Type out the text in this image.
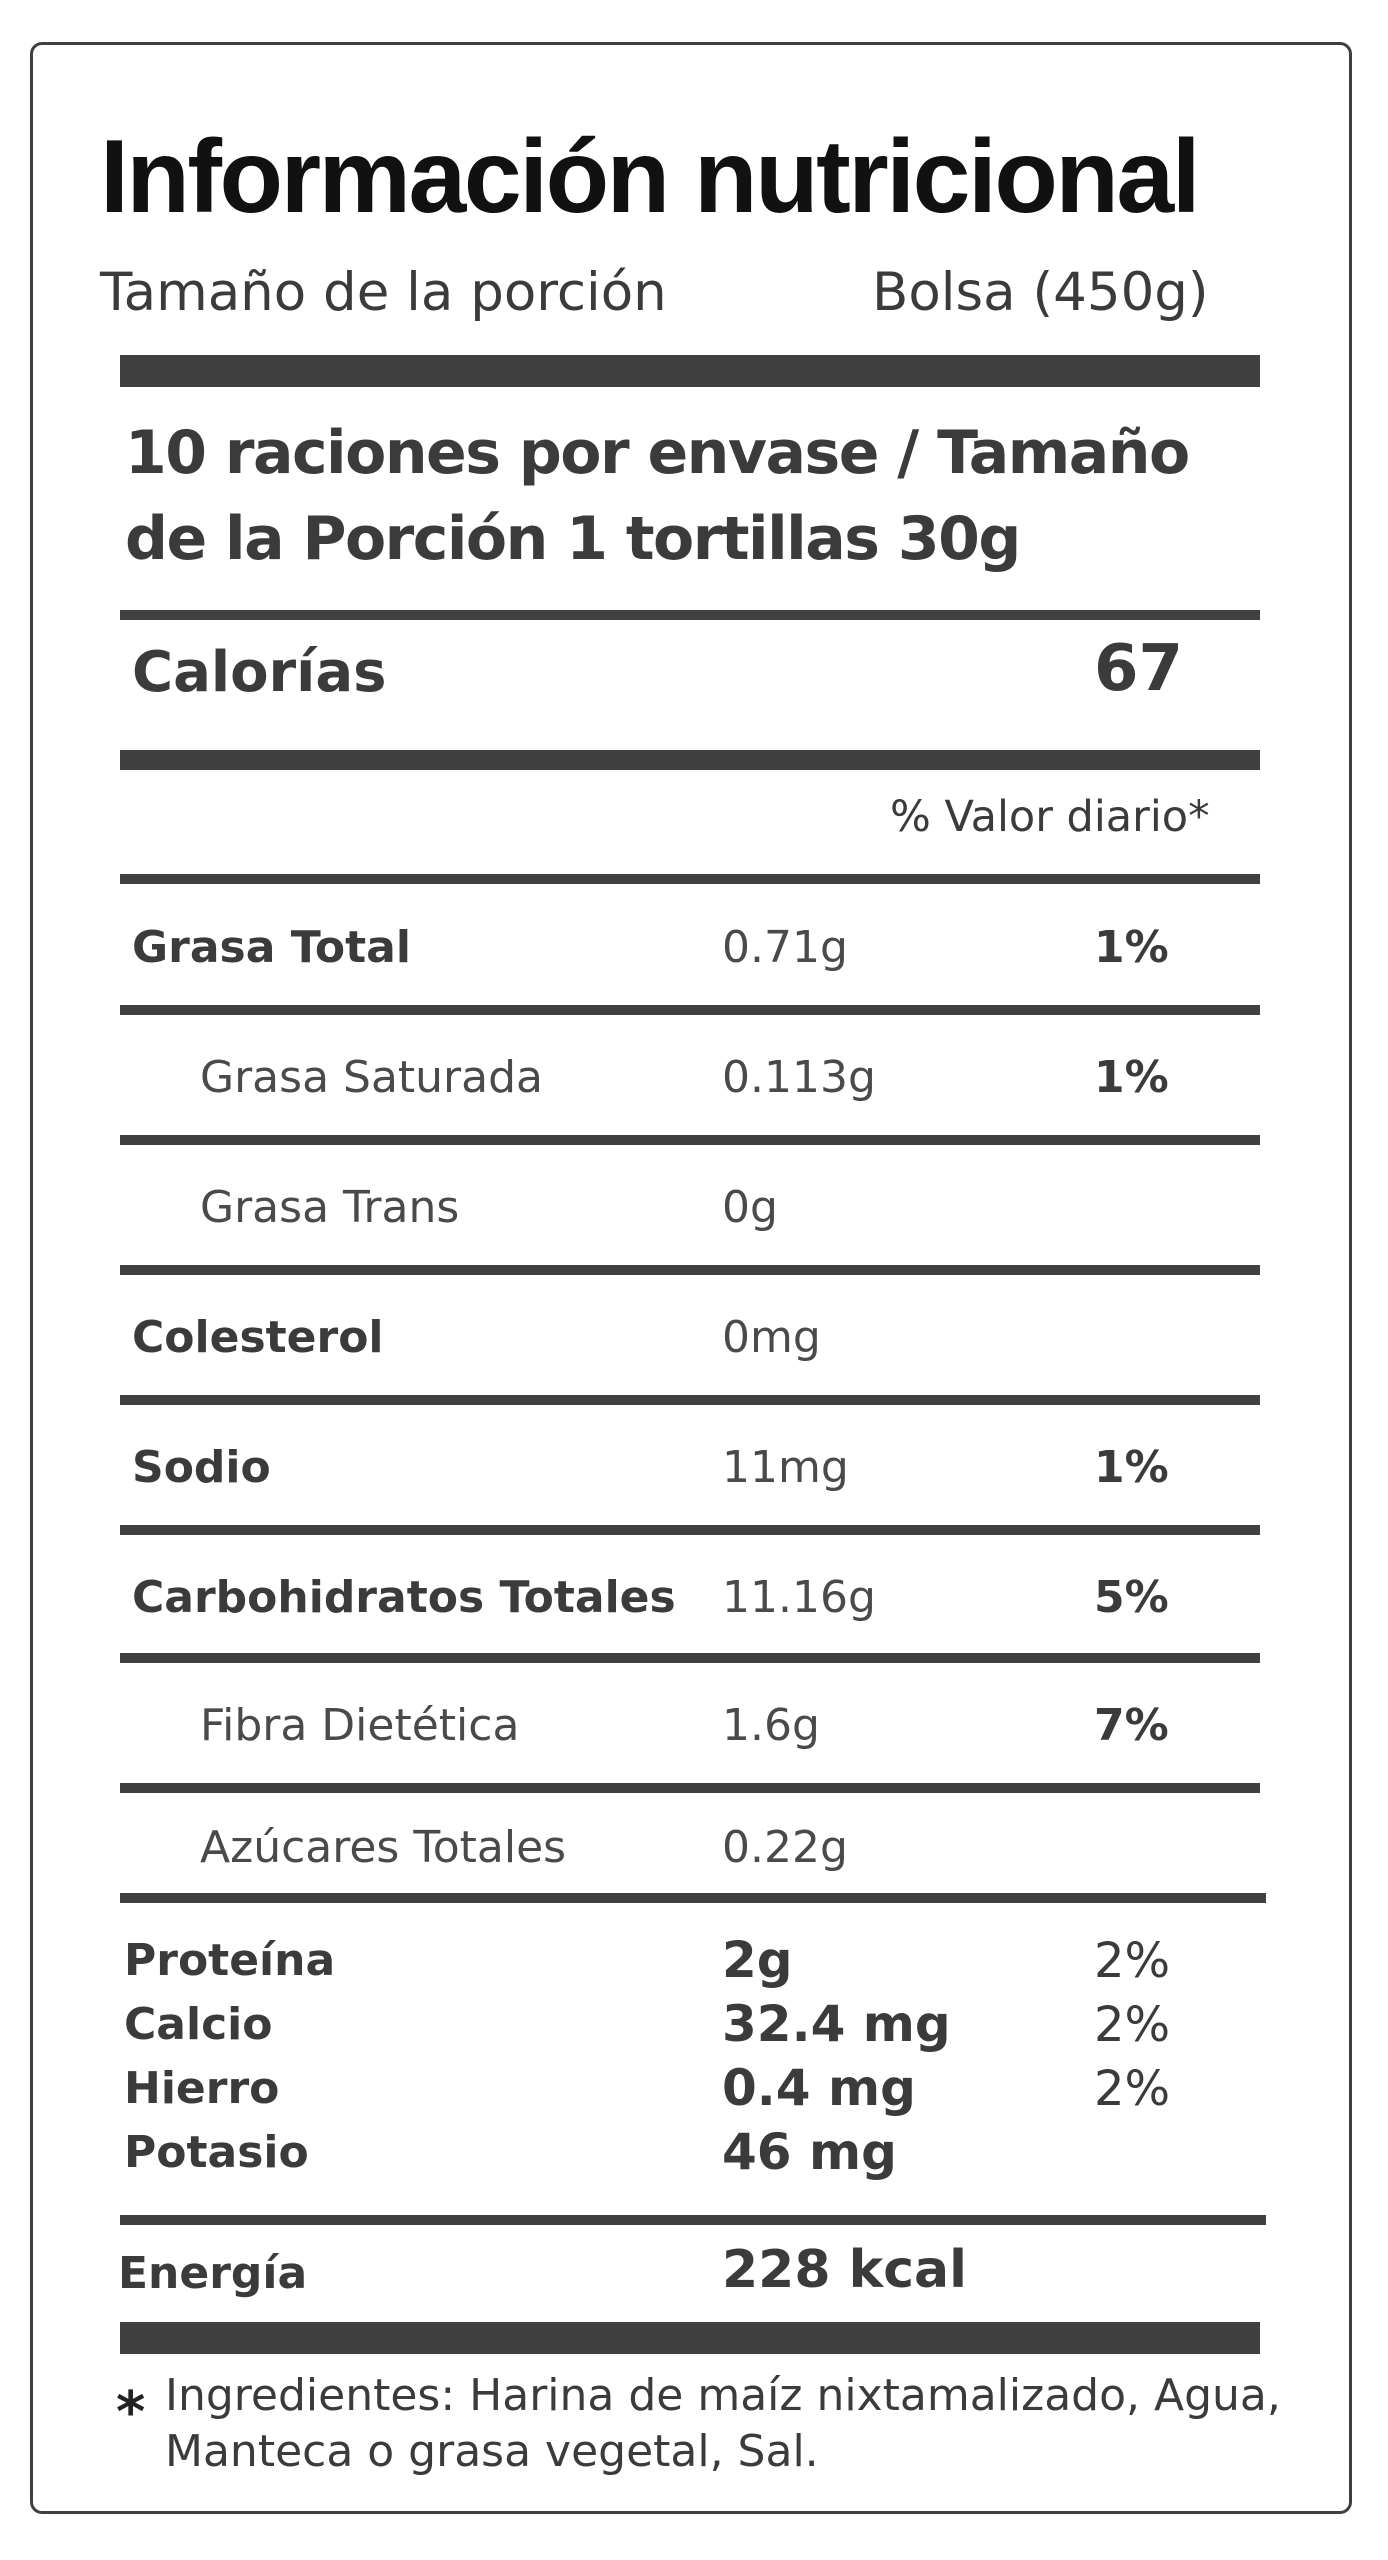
Información nutricional
Tamaño de la porción	Bolsa (450g)
10 raciones por envase / Tamaño de la Porción 1 tortillas 30g
Calorías	67
% Valor diario*
Grasa Total	0.71g	1%
Grasa Saturada	0.113g	1%
Grasa Trans	0g
Colesterol	0mg
Sodio	11mg	1%
Carbohidratos Totales 11.16g	5%
Fibra Dietética	1.6g	7%
Azúcares Totales	0.22g
Proteína	2g	2%
Calcio	32.4 mg	2%
Hierro	0.4 mg	2%
Potasio	46 mg
Energía	228 kcal
* Ingredientes: Harina de maíz nixtamalizado, Agua, Manteca o grasa vegetal, Sal.
